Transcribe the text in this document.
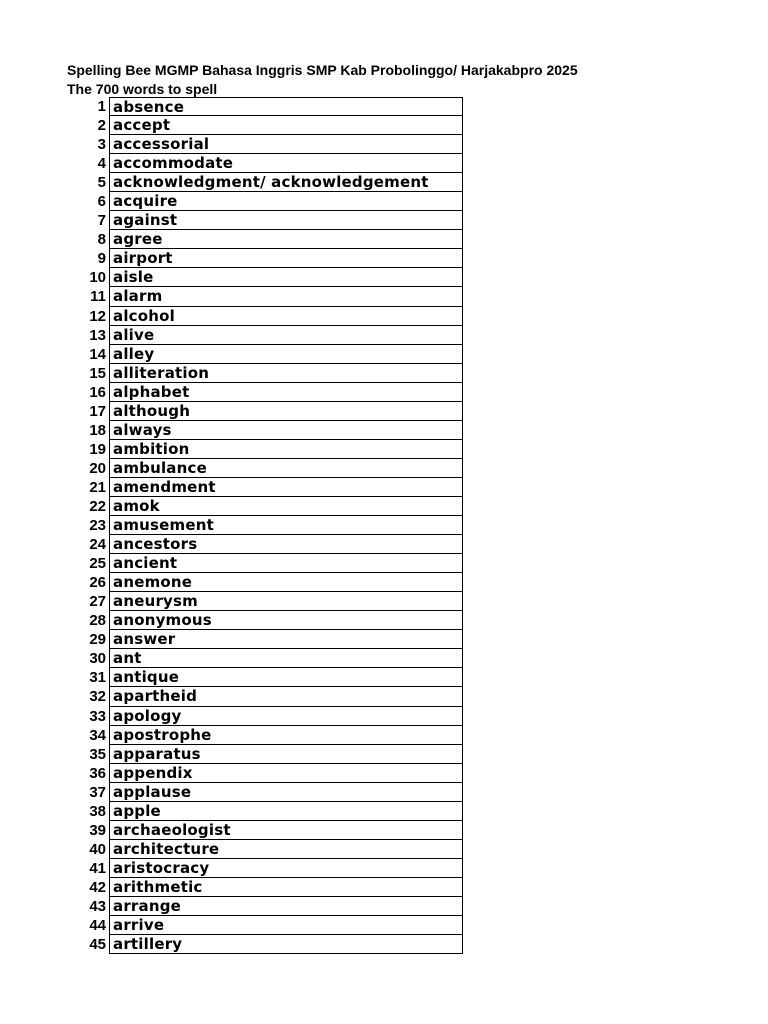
Spelling Bee MGMP Bahasa Inggris SMP Kab Probolinggo/ Harjakabpro 2025
The 700 words to spell
1 absence
2 accept
3 accessorial
4 accommodate
5 acknowledgment/ acknowledgement
6 acquire
7 against
8 agree
9 airport
10 aisle
11 alarm
12 alcohol
13 alive
14 alley
15 alliteration
16 alphabet
17 although
18 always
19 ambition
20 ambulance
21 amendment
22 amok
23 amusement
24 ancestors
25 ancient
26 anemone
27 aneurysm
28 anonymous
29 answer
30 ant
31 antique
32 apartheid
33 apology
34 apostrophe
35 apparatus
36 appendix
37 applause
38 apple
39 archaeologist
40 architecture
41 aristocracy
42 arithmetic
43 arrange
44 arrive
45 artillery
